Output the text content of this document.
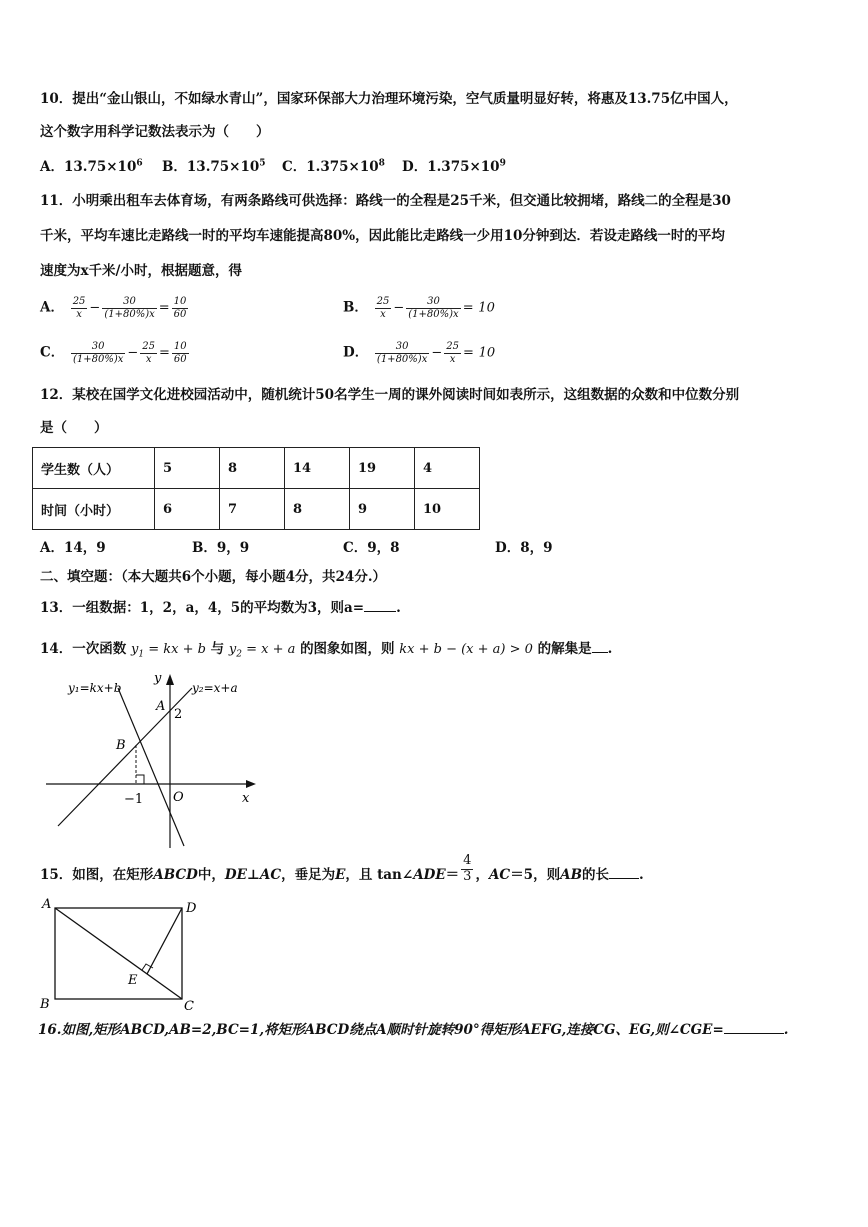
10．提出“金山银山，不如绿水青山”，国家环保部大力治理环境污染，空气质量明显好转，将惠及13.75亿中国人，
这个数字用科学记数法表示为（　　）
A．$13.75\times 10^6$ B．$13.75\times 10^5$ C．$1.375\times 10^8$ D．$1.375\times 10^9$
11．小明乘出租车去体育场，有两条路线可供选择：路线一的全程是25千米，但交通比较拥堵，路线二的全程是30
千米，平均车速比走路线一时的平均车速能提高80%，因此能比走路线一少用10分钟到达．若设走路线一时的平均
速度为x千米/小时，根据题意，得
A． $\frac{25}{x} - \frac{30}{(1+80\%)x} = \frac{10}{60}$	B． $\frac{25}{x} - \frac{30}{(1+80\%)x} = 10$
C． $\frac{30}{(1+80\%)x} - \frac{25}{x} = \frac{10}{60}$	D． $\frac{30}{(1+80\%)x} - \frac{25}{x} = 10$
12．某校在国学文化进校园活动中，随机统计50名学生一周的课外阅读时间如表所示，这组数据的众数和中位数分别
是（　　）
学生数（人）	5	8	14	19	4
时间（小时）	6	7	8	9	10
A．14，9	B．9，9	C．9，8	D．8，9
二、填空题：（本大题共6个小题，每小题4分，共24分.）
13．一组数据：1，2，a，4，5的平均数为3，则a= .
14．一次函数 $y_1$ = kx + b 与 $y_2 = x + a$ 的图象如图，则 kx + b − (x + a) > 0 的解集是 .
y₁=kx+b	y₂=x+a
y
x
A
2
B
−1 O
15．如图，在矩形ABCD中，DE⊥AC，垂足为E，且 tan∠ADE＝ $\frac{4}{3}$ ，AC＝5，则AB的长 .
A	D
B	C
E
16.如图,矩形ABCD,AB=2,BC=1,将矩形ABCD绕点A顺时针旋转90°得矩形AEFG,连接CG、EG,则∠CGE=	.
